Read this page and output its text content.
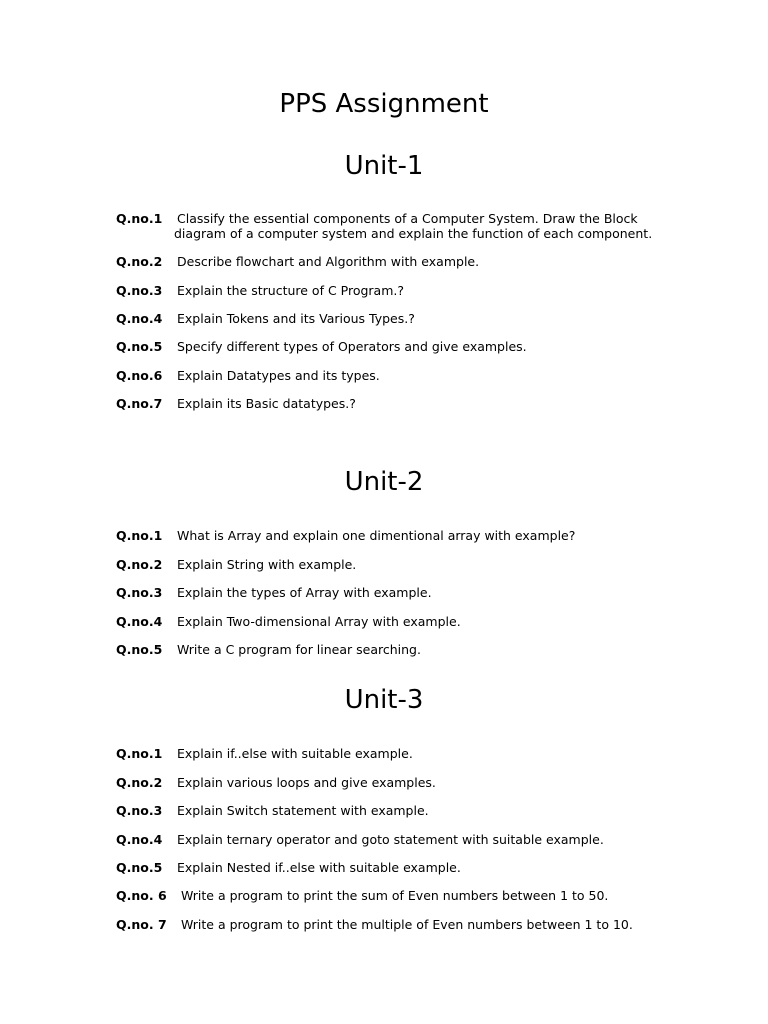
PPS Assignment
Unit-1
Q.no.1 Classify the essential components of a Computer System. Draw the Block diagram of a computer system and explain the function of each component.
Q.no.2 Describe flowchart and Algorithm with example.
Q.no.3 Explain the structure of C Program.?
Q.no.4 Explain Tokens and its Various Types.?
Q.no.5 Specify different types of Operators and give examples.
Q.no.6 Explain Datatypes and its types.
Q.no.7 Explain its Basic datatypes.?
Unit-2
Q.no.1 What is Array and explain one dimentional array with example?
Q.no.2 Explain String with example.
Q.no.3 Explain the types of Array with example.
Q.no.4 Explain Two-dimensional Array with example.
Q.no.5 Write a C program for linear searching.
Unit-3
Q.no.1 Explain if..else with suitable example.
Q.no.2 Explain various loops and give examples.
Q.no.3 Explain Switch statement with example.
Q.no.4 Explain ternary operator and goto statement with suitable example.
Q.no.5 Explain Nested if..else with suitable example.
Q.no. 6 Write a program to print the sum of Even numbers between 1 to 50.
Q.no. 7 Write a program to print the multiple of Even numbers between 1 to 10.
